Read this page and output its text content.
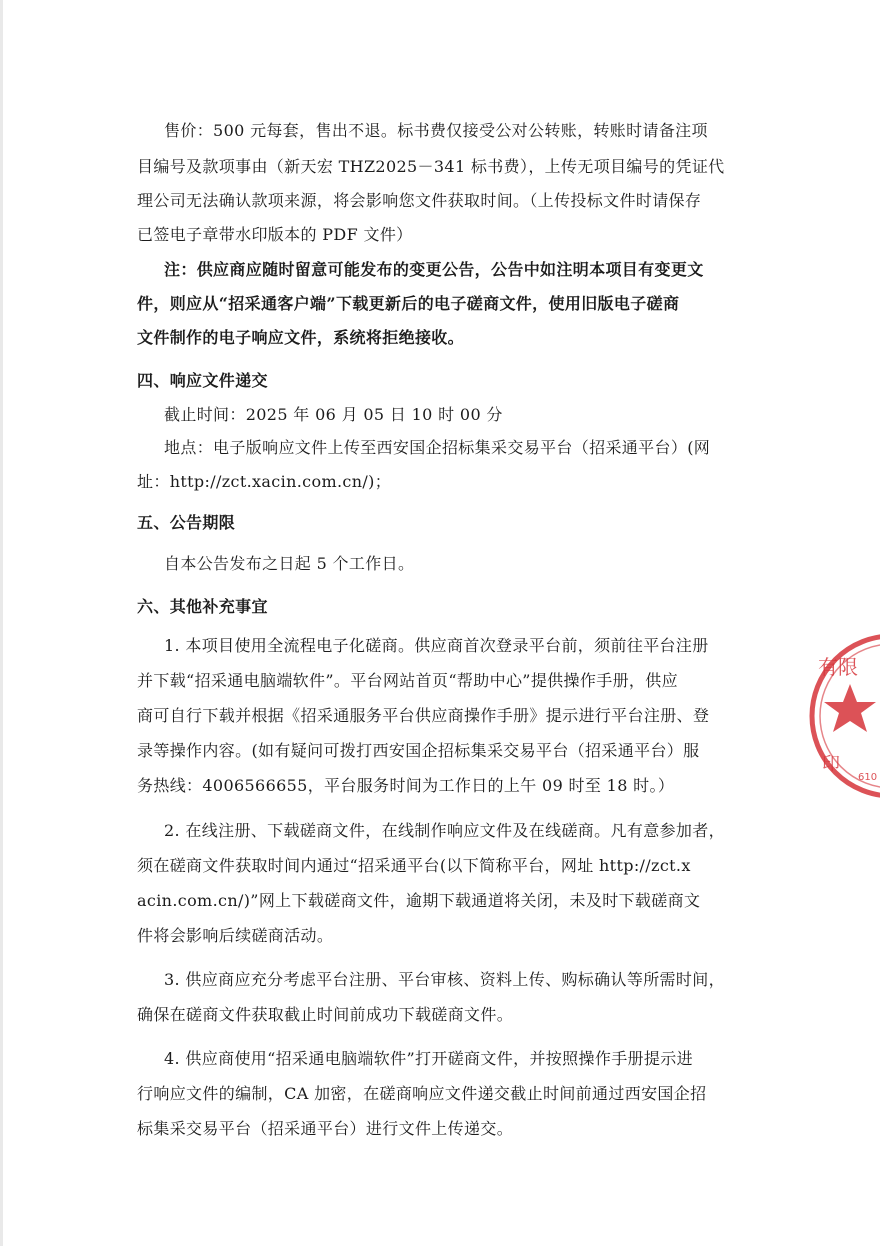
售价：500 元每套，售出不退。标书费仅接受公对公转账，转账时请备注项
目编号及款项事由（新天宏 THZ2025－341 标书费），上传无项目编号的凭证代
理公司无法确认款项来源，将会影响您文件获取时间。（上传投标文件时请保存
已签电子章带水印版本的 PDF 文件）
注：供应商应随时留意可能发布的变更公告，公告中如注明本项目有变更文
件，则应从“招采通客户端”下载更新后的电子磋商文件，使用旧版电子磋商
文件制作的电子响应文件，系统将拒绝接收。
四、响应文件递交
截止时间：2025 年 06 月 05 日 10 时 00 分
地点：电子版响应文件上传至西安国企招标集采交易平台（招采通平台）(网
址：http://zct.xacin.com.cn/)；
五、公告期限
自本公告发布之日起 5 个工作日。
六、其他补充事宜
1. 本项目使用全流程电子化磋商。供应商首次登录平台前，须前往平台注册
并下载“招采通电脑端软件”。平台网站首页“帮助中心”提供操作手册，供应
商可自行下载并根据《招采通服务平台供应商操作手册》提示进行平台注册、登
录等操作内容。(如有疑问可拨打西安国企招标集采交易平台（招采通平台）服
务热线：4006566655，平台服务时间为工作日的上午 09 时至 18 时。）
2. 在线注册、下载磋商文件，在线制作响应文件及在线磋商。凡有意参加者，
须在磋商文件获取时间内通过“招采通平台(以下简称平台，网址 http://zct.x
acin.com.cn/)”网上下载磋商文件，逾期下载通道将关闭，未及时下载磋商文
件将会影响后续磋商活动。
3. 供应商应充分考虑平台注册、平台审核、资料上传、购标确认等所需时间，
确保在磋商文件获取截止时间前成功下载磋商文件。
4. 供应商使用“招采通电脑端软件”打开磋商文件，并按照操作手册提示进
行响应文件的编制，CA 加密，在磋商响应文件递交截止时间前通过西安国企招
标集采交易平台（招采通平台）进行文件上传递交。
有限
印
610
